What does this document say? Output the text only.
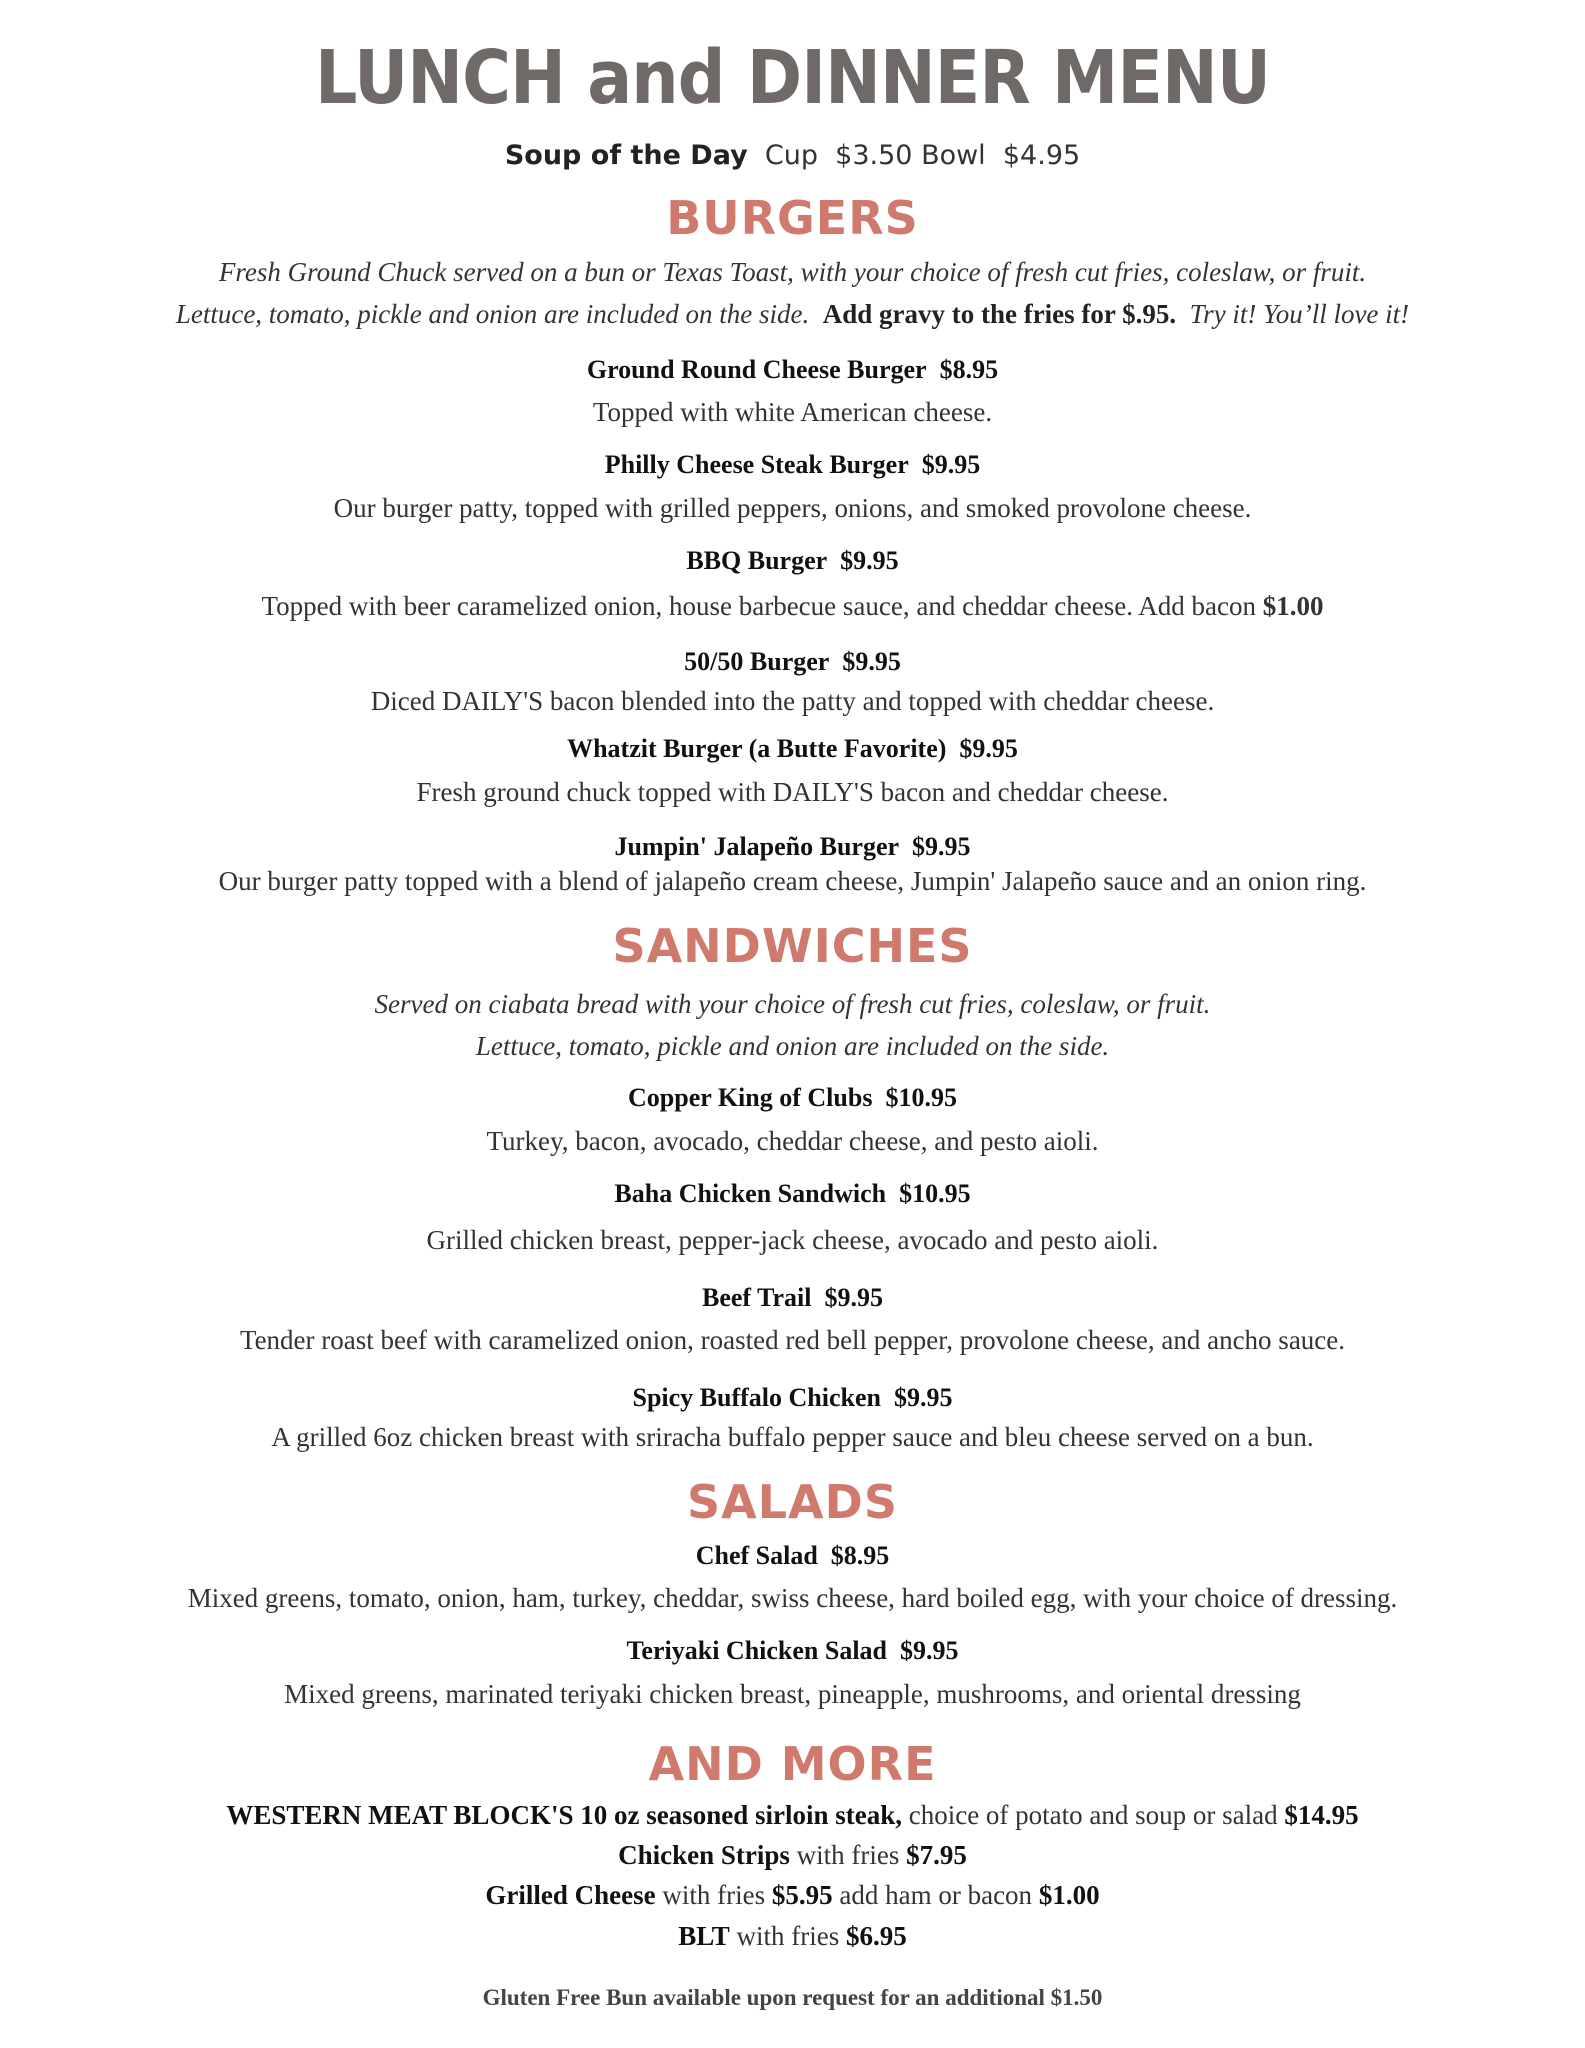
LUNCH and DINNER MENU
Soup of the Day Cup $3.50 Bowl $4.95
BURGERS
Fresh Ground Chuck served on a bun or Texas Toast, with your choice of fresh cut fries, coleslaw, or fruit.
Lettuce, tomato, pickle and onion are included on the side. Add gravy to the fries for $.95. Try it! You’ll love it!
Ground Round Cheese Burger $8.95
Topped with white American cheese.
Philly Cheese Steak Burger $9.95
Our burger patty, topped with grilled peppers, onions, and smoked provolone cheese.
BBQ Burger $9.95
Topped with beer caramelized onion, house barbecue sauce, and cheddar cheese. Add bacon $1.00
50/50 Burger $9.95
Diced DAILY'S bacon blended into the patty and topped with cheddar cheese.
Whatzit Burger (a Butte Favorite) $9.95
Fresh ground chuck topped with DAILY'S bacon and cheddar cheese.
Jumpin' Jalapeño Burger $9.95
Our burger patty topped with a blend of jalapeño cream cheese, Jumpin' Jalapeño sauce and an onion ring.
SANDWICHES
Served on ciabata bread with your choice of fresh cut fries, coleslaw, or fruit.
Lettuce, tomato, pickle and onion are included on the side.
Copper King of Clubs $10.95
Turkey, bacon, avocado, cheddar cheese, and pesto aioli.
Baha Chicken Sandwich $10.95
Grilled chicken breast, pepper-jack cheese, avocado and pesto aioli.
Beef Trail $9.95
Tender roast beef with caramelized onion, roasted red bell pepper, provolone cheese, and ancho sauce.
Spicy Buffalo Chicken $9.95
A grilled 6oz chicken breast with sriracha buffalo pepper sauce and bleu cheese served on a bun.
SALADS
Chef Salad $8.95
Mixed greens, tomato, onion, ham, turkey, cheddar, swiss cheese, hard boiled egg, with your choice of dressing.
Teriyaki Chicken Salad $9.95
Mixed greens, marinated teriyaki chicken breast, pineapple, mushrooms, and oriental dressing
AND MORE
WESTERN MEAT BLOCK'S 10 oz seasoned sirloin steak, choice of potato and soup or salad $14.95
Chicken Strips with fries $7.95
Grilled Cheese with fries $5.95 add ham or bacon $1.00
BLT with fries $6.95
Gluten Free Bun available upon request for an additional $1.50
